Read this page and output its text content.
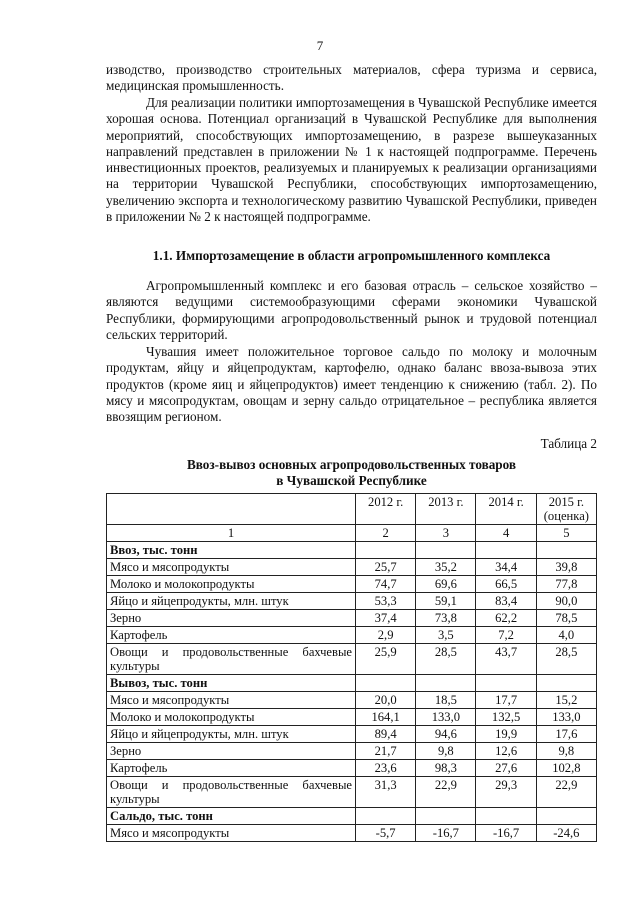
7

изводство, производство строительных материалов, сфера туризма и сервиса, медицинская промышленность.

Для реализации политики импортозамещения в Чувашской Республике имеется хорошая основа. Потенциал организаций в Чувашской Республике для выполнения мероприятий, способствующих импортозамещению, в разрезе вышеуказанных направлений представлен в приложении № 1 к настоящей подпрограмме. Перечень инвестиционных проектов, реализуемых и планируемых к реализации организациями на территории Чувашской Республики, способствующих импортозамещению, увеличению экспорта и технологическому развитию Чувашской Республики, приведен в приложении № 2 к настоящей подпрограмме.

1.1. Импортозамещение в области агропромышленного комплекса

Агропромышленный комплекс и его базовая отрасль – сельское хозяйство – являются ведущими системообразующими сферами экономики Чувашской Республики, формирующими агропродовольственный рынок и трудовой потенциал сельских территорий.

Чувашия имеет положительное торговое сальдо по молоку и молочным продуктам, яйцу и яйцепродуктам, картофелю, однако баланс ввоза-вывоза этих продуктов (кроме яиц и яйцепродуктов) имеет тенденцию к снижению (табл. 2). По мясу и мясопродуктам, овощам и зерну сальдо отрицательное – республика является ввозящим регионом.

Таблица 2
Ввоз-вывоз основных агропродовольственных товаров
в Чувашской Республике
	2012 г.	2013 г.	2014 г.	2015 г. (оценка)
1	2	3	4	5
Ввоз, тыс. тонн				
Мясо и мясопродукты	25,7	35,2	34,4	39,8
Молоко и молокопродукты	74,7	69,6	66,5	77,8
Яйцо и яйцепродукты, млн. штук	53,3	59,1	83,4	90,0
Зерно	37,4	73,8	62,2	78,5
Картофель	2,9	3,5	7,2	4,0
Овощи и продовольственные бахчевые культуры	25,9	28,5	43,7	28,5
Вывоз, тыс. тонн				
Мясо и мясопродукты	20,0	18,5	17,7	15,2
Молоко и молокопродукты	164,1	133,0	132,5	133,0
Яйцо и яйцепродукты, млн. штук	89,4	94,6	19,9	17,6
Зерно	21,7	9,8	12,6	9,8
Картофель	23,6	98,3	27,6	102,8
Овощи и продовольственные бахчевые культуры	31,3	22,9	29,3	22,9
Сальдо, тыс. тонн				
Мясо и мясопродукты	-5,7	-16,7	-16,7	-24,6
